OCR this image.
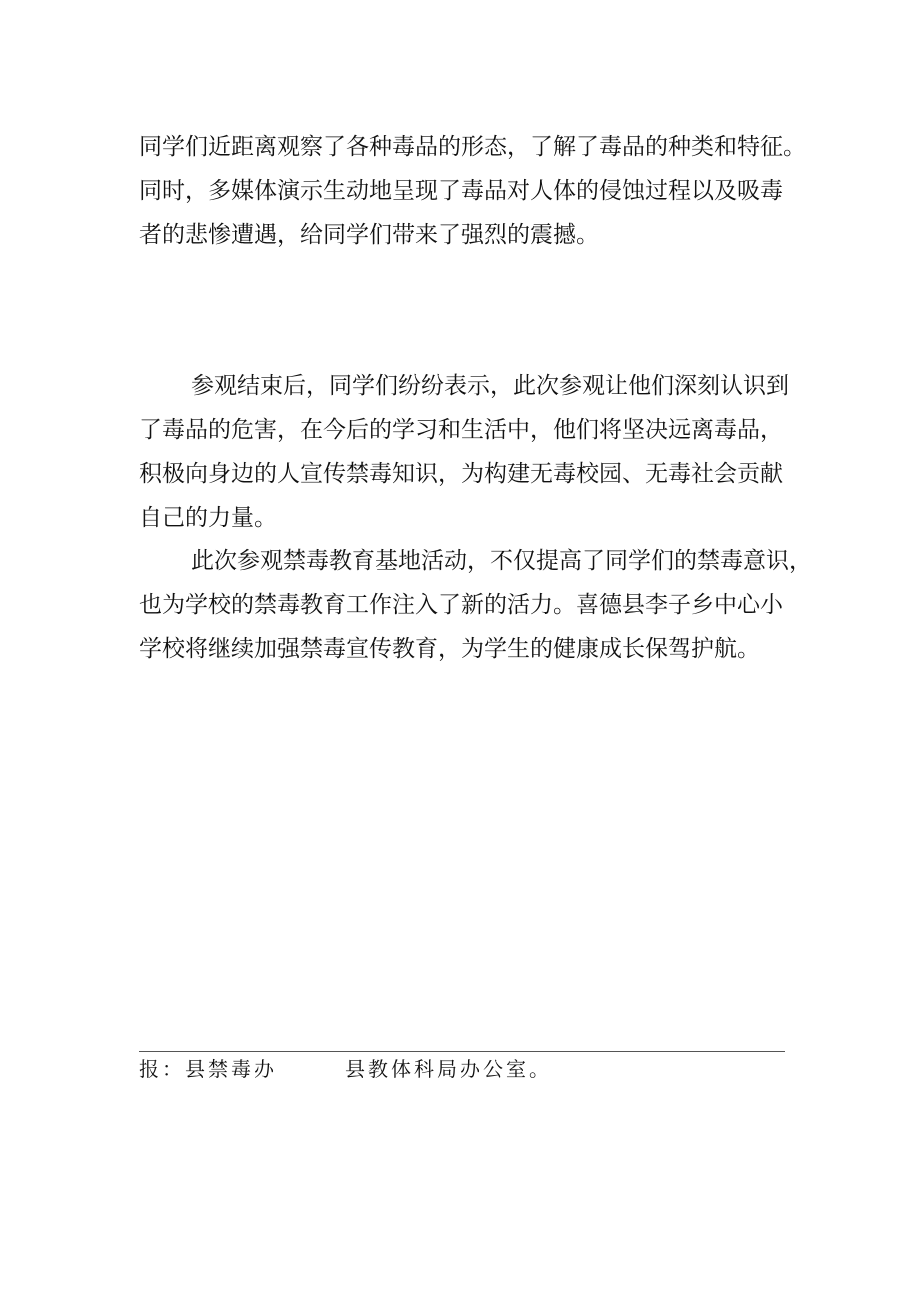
同学们近距离观察了各种毒品的形态，了解了毒品的种类和特征。
同时，多媒体演示生动地呈现了毒品对人体的侵蚀过程以及吸毒
者的悲惨遭遇，给同学们带来了强烈的震撼。
参观结束后，同学们纷纷表示，此次参观让他们深刻认识到
了毒品的危害，在今后的学习和生活中，他们将坚决远离毒品，
积极向身边的人宣传禁毒知识，为构建无毒校园、无毒社会贡献
自己的力量。
此次参观禁毒教育基地活动，不仅提高了同学们的禁毒意识，
也为学校的禁毒教育工作注入了新的活力。喜德县李子乡中心小
学校将继续加强禁毒宣传教育，为学生的健康成长保驾护航。
报：县禁毒办	县教体科局办公室。
